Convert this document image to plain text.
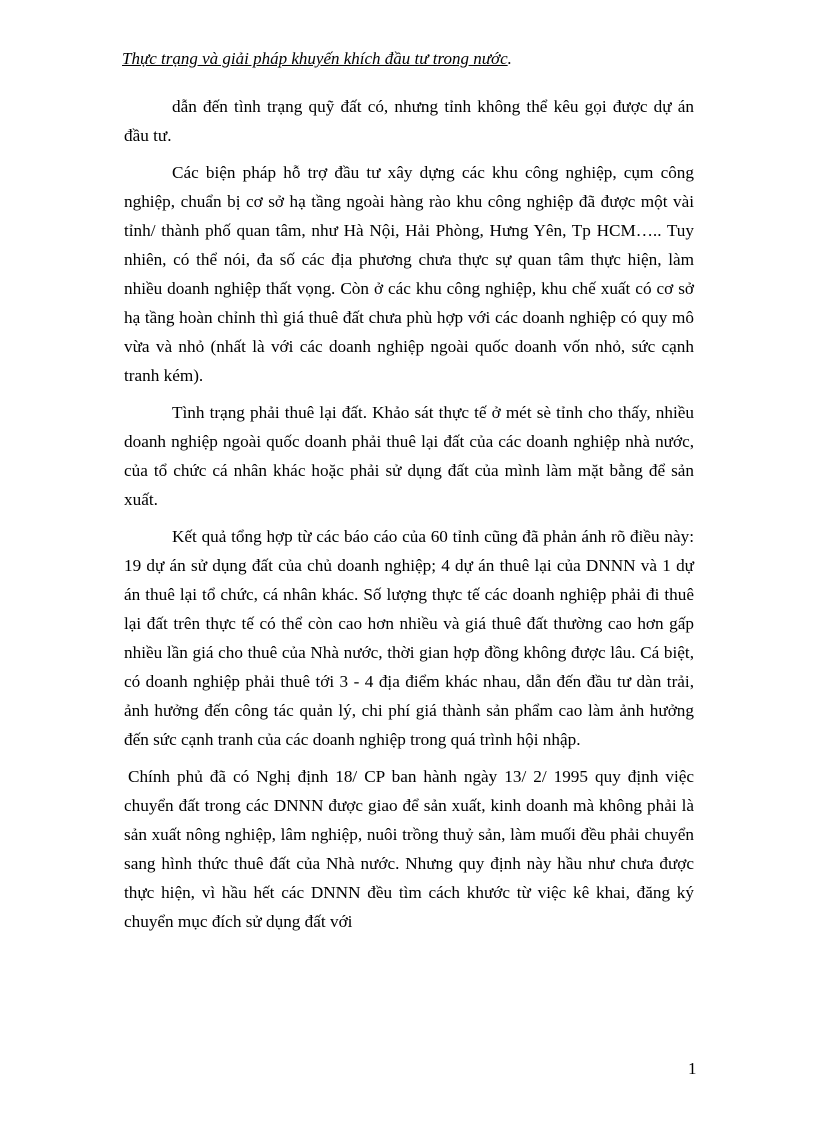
Thực trạng và giải pháp khuyến khích đầu tư trong nước.

dẫn đến tình trạng quỹ đất có, nhưng tỉnh không thể kêu gọi được dự án đầu tư.

Các biện pháp hỗ trợ đầu tư xây dựng các khu công nghiệp, cụm công nghiệp, chuẩn bị cơ sở hạ tầng ngoài hàng rào khu công nghiệp đã được một vài tỉnh/ thành phố quan tâm, như Hà Nội, Hải Phòng, Hưng Yên, Tp HCM….. Tuy nhiên, có thể nói, đa số các địa phương chưa thực sự quan tâm thực hiện, làm nhiều doanh nghiệp thất vọng. Còn ở các khu công nghiệp, khu chế xuất có cơ sở hạ tầng hoàn chỉnh thì giá thuê đất chưa phù hợp với các doanh nghiệp có quy mô vừa và nhỏ (nhất là với các doanh nghiệp ngoài quốc doanh vốn nhỏ, sức cạnh tranh kém).

Tình trạng phải thuê lại đất. Khảo sát thực tế ở mét sè tỉnh cho thấy, nhiều doanh nghiệp ngoài quốc doanh phải thuê lại đất của các doanh nghiệp nhà nước, của tổ chức cá nhân khác hoặc phải sử dụng đất của mình làm mặt bằng để sản xuất.

Kết quả tổng hợp từ các báo cáo của 60 tỉnh cũng đã phản ánh rõ điều này: 19 dự án sử dụng đất của chủ doanh nghiệp; 4 dự án thuê lại của DNNN và 1 dự án thuê lại tổ chức, cá nhân khác. Số lượng thực tế các doanh nghiệp phải đi thuê lại đất trên thực tế có thể còn cao hơn nhiều và giá thuê đất thường cao hơn gấp nhiều lần giá cho thuê của Nhà nước, thời gian hợp đồng không được lâu. Cá biệt, có doanh nghiệp phải thuê tới 3 - 4 địa điểm khác nhau, dẫn đến đầu tư dàn trải, ảnh hưởng đến công tác quản lý, chi phí giá thành sản phẩm cao làm ảnh hưởng đến sức cạnh tranh của các doanh nghiệp trong quá trình hội nhập.

Chính phủ đã có Nghị định 18/ CP ban hành ngày 13/ 2/ 1995 quy định việc chuyển đất trong các DNNN được giao để sản xuất, kinh doanh mà không phải là sản xuất nông nghiệp, lâm nghiệp, nuôi trồng thuỷ sản, làm muối đều phải chuyển sang hình thức thuê đất của Nhà nước. Nhưng quy định này hầu như chưa được thực hiện, vì hầu hết các DNNN đều tìm cách khước từ việc kê khai, đăng ký chuyển mục đích sử dụng đất với

1
